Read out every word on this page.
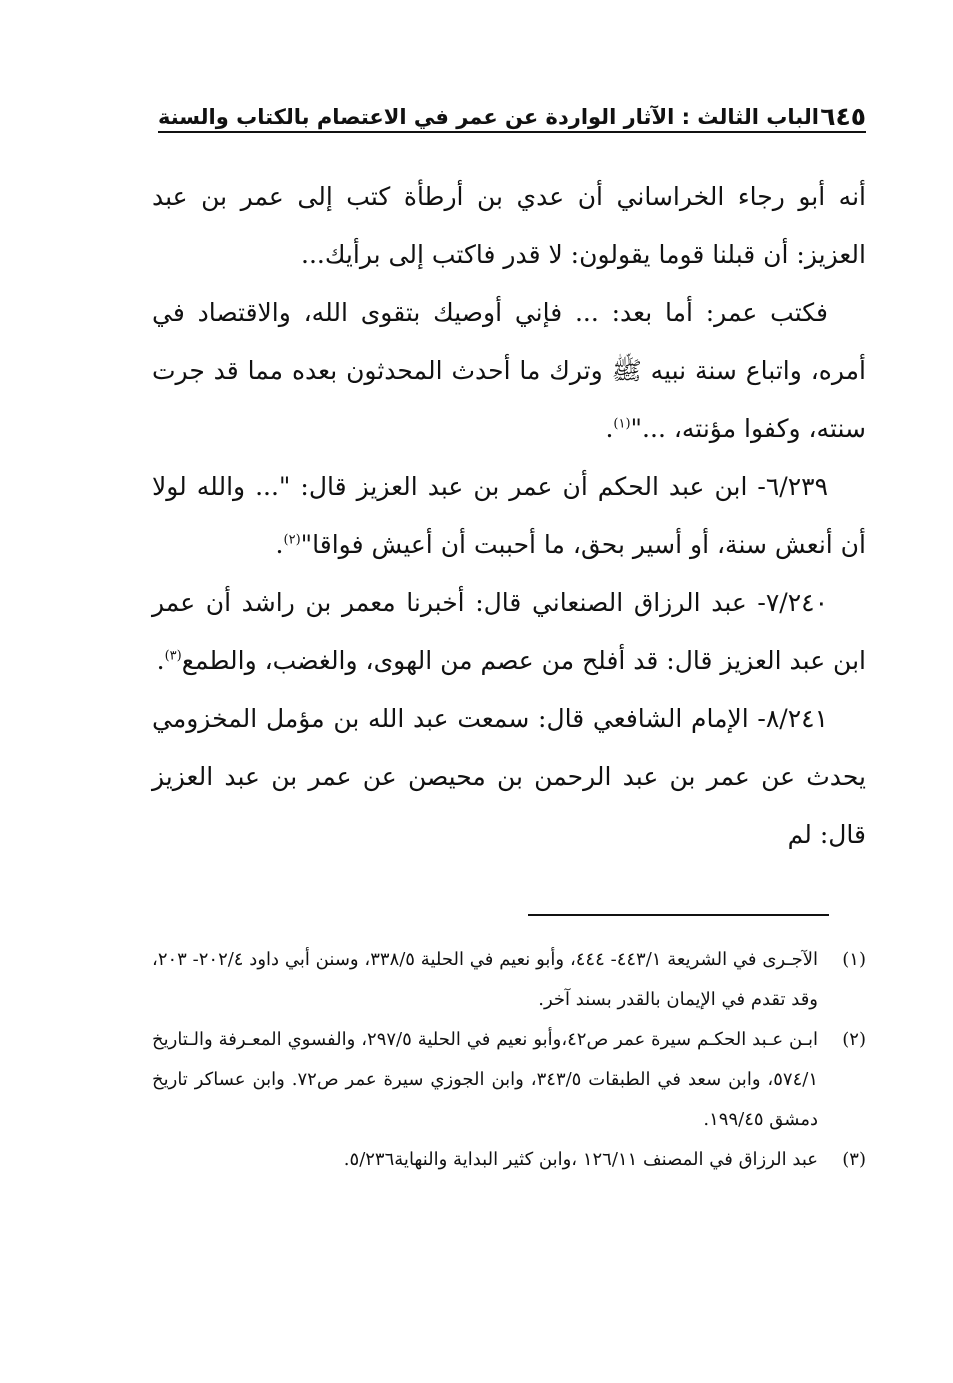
٦٤٥
الباب الثالث : الآثار الواردة عن عمر في الاعتصام بالكتاب والسنة

أنه أبو رجاء الخراساني أن عدي بن أرطأة كتب إلى عمر بن عبد العزيز: أن قبلنا قوما يقولون: لا قدر فاكتب إلى برأيك...

فكتب عمر: أما بعد: ... فإني أوصيك بتقوى الله، والاقتصاد في أمره، واتباع سنة نبيه ﷺ وترك ما أحدث المحدثون بعده مما قد جرت سنته، وكفوا مؤنته، ..."$^{(١)}$.

٦/٢٣٩- ابن عبد الحكم أن عمر بن عبد العزيز قال: "... والله لولا أن أنعش سنة، أو أسير بحق، ما أحببت أن أعيش فواقا"$^{(٢)}$.

٧/٢٤٠- عبد الرزاق الصنعاني قال: أخبرنا معمر بن راشد أن عمر ابن عبد العزيز قال: قد أفلح من عصم من الهوى، والغضب، والطمع$^{(٣)}$.

٨/٢٤١- الإمام الشافعي قال: سمعت عبد الله بن مؤمل المخزومي يحدث عن عمر بن عبد الرحمن بن محيصن عن عمر بن عبد العزيز قال: لم

(١)
الآجـرى في الشريعة ٤٤٣/١- ٤٤٤، وأبو نعيم في الحلية ٣٣٨/٥، وسنن أبي داود ٢٠٢/٤- ٢٠٣، وقد تقدم في الإيمان بالقدر بسند آخر.
(٢)
ابـن عـبد الحكـم سيرة عمر ص٤٢،وأبو نعيم في الحلية ٢٩٧/٥، والفسوي المعـرفة والـتاريخ ٥٧٤/١، وابن سعد في الطبقات ٣٤٣/٥، وابن الجوزي سيرة عمر ص٧٢. وابن عساكر تاريخ دمشق ١٩٩/٤٥.
(٣)
عبد الرزاق في المصنف ١٢٦/١١ ،وابن كثير البداية والنهاية٥/٢٣٦.
